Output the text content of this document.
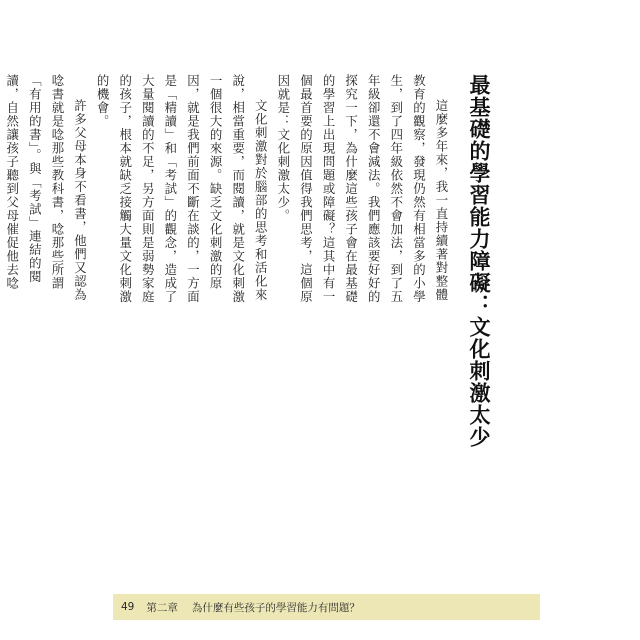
最基礎的學習能力障礙：文化刺激太少

這麼多年來，我一直持續著對整體教育的觀察，發現仍然有相當多的小學生，到了四年級依然不會加法，到了五年級卻還不會減法。我們應該要好好的探究一下，為什麼這些孩子會在最基礎的學習上出現問題或障礙？這其中有一個最首要的原因值得我們思考，這個原因就是：文化刺激太少。

文化刺激對於腦部的思考和活化來說，相當重要，而閱讀，就是文化刺激一個很大的來源。缺乏文化刺激的原因，就是我們前面不斷在談的，一方面是「精讀」和「考試」的觀念，造成了大量閱讀的不足，另方面則是弱勢家庭的孩子，根本就缺乏接觸大量文化刺激的機會。

許多父母本身不看書，他們又認為唸書就是唸那些教科書，唸那些所謂「有用的書」。與「考試」連結的閱讀，自然讓孩子聽到父母催促他去唸

49 第二章 為什麼有些孩子的學習能力有問題？
